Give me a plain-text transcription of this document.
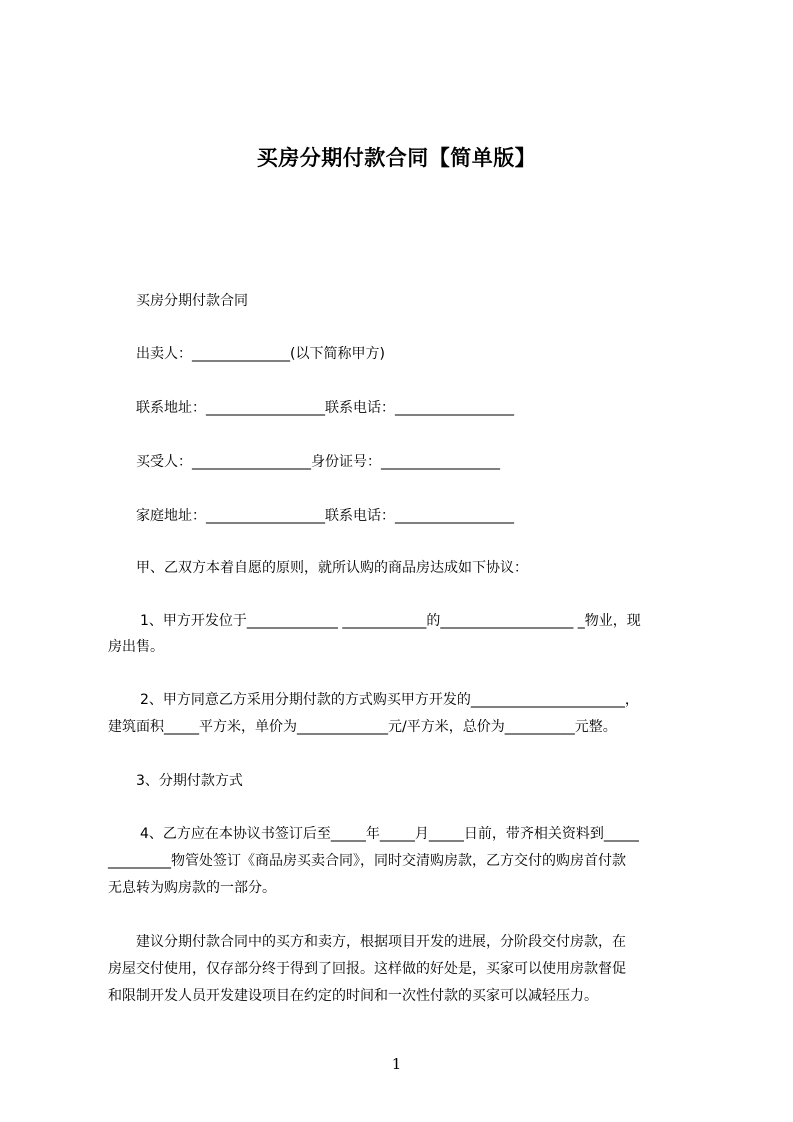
买房分期付款合同【简单版】

买房分期付款合同

出卖人：______________(以下简称甲方)

联系地址：_________________联系电话：_________________

买受人：_________________身份证号：_________________

家庭地址：_________________联系电话：_________________

甲、乙双方本着自愿的原则，就所认购的商品房达成如下协议：

1、甲方开发位于_____________ ____________的___________________ _物业，现

房出售。

2、甲方同意乙方采用分期付款的方式购买甲方开发的______________________，

建筑面积_____平方米，单价为_____________元/平方米，总价为__________元整。

3、分期付款方式

4、乙方应在本协议书签订后至_____年_____月_____日前，带齐相关资料到_____

_________物管处签订《商品房买卖合同》，同时交清购房款，乙方交付的购房首付款

无息转为购房款的一部分。

建议分期付款合同中的买方和卖方，根据项目开发的进展，分阶段交付房款，在

房屋交付使用，仅存部分终于得到了回报。这样做的好处是，买家可以使用房款督促

和限制开发人员开发建设项目在约定的时间和一次性付款的买家可以减轻压力。

1
